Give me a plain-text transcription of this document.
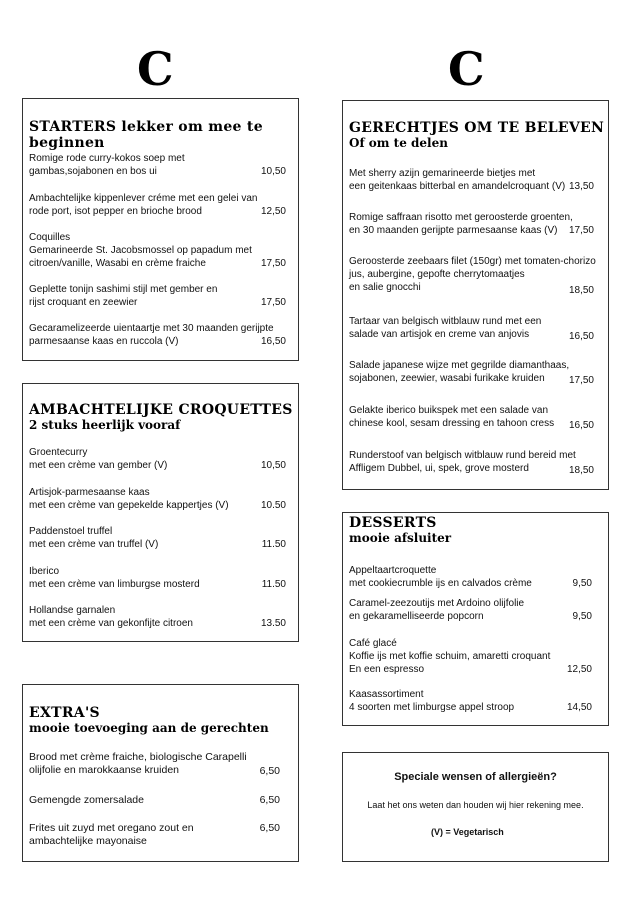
C	C
STARTERS lekker om mee te beginnen
Romige rode curry-kokos soep met
gambas,sojabonen en bos ui	10,50
Ambachtelijke kippenlever créme met een gelei van
rode port, isot pepper en brioche brood	12,50
Coquilles
Gemarineerde St. Jacobsmossel op papadum met
citroen/vanille, Wasabi en crème fraiche	17,50
Geplette tonijn sashimi stijl met gember en
rijst croquant en zeewier	17,50
Gecaramelizeerde uientaartje met 30 maanden gerijpte
parmesaanse kaas en ruccola (V)	16,50
AMBACHTELIJKE CROQUETTES
2 stuks heerlijk vooraf
Groentecurry
met een crème van gember (V)	10,50
Artisjok-parmesaanse kaas
met een crème van gepekelde kappertjes (V)	10.50
Paddenstoel truffel
met een crème van truffel (V)	11.50
Iberico
met een crème van limburgse mosterd	11.50
Hollandse garnalen
met een crème van gekonfijte citroen	13.50
EXTRA'S
mooie toevoeging aan de gerechten
Brood met crème fraiche, biologische Carapelli
olijfolie en marokkaanse kruiden	6,50
Gemengde zomersalade	6,50
Frites uit zuyd met oregano zout en
ambachtelijke mayonaise
6,50
GERECHTJES OM TE BELEVEN
Of om te delen
Met sherry azijn gemarineerde bietjes met
een geitenkaas bitterbal en amandelcroquant (V) 13,50
Romige saffraan risotto met geroosterde groenten,
en 30 maanden gerijpte parmesaanse kaas (V)	17,50
Geroosterde zeebaars filet (150gr) met tomaten-chorizo
jus, aubergine, gepofte cherrytomaatjes
en salie gnocchi	18,50
Tartaar van belgisch witblauw rund met een
salade van artisjok en creme van anjovis	16,50
Salade japanese wijze met gegrilde diamanthaas,
sojabonen, zeewier, wasabi furikake kruiden	17,50
Gelakte iberico buikspek met een salade van
chinese kool, sesam dressing en tahoon cress 16,50
Runderstoof van belgisch witblauw rund bereid met
Affligem Dubbel, ui, spek, grove mosterd	18,50
DESSERTS
mooie afsluiter
Appeltaartcroquette
met cookiecrumble ijs en calvados crème	9,50
Caramel-zeezoutijs met Ardoino olijfolie
en gekaramelliseerde popcorn	9,50
Café glacé
Koffie ijs met koffie schuim, amaretti croquant
En een espresso	12,50
Kaasassortiment
4 soorten met limburgse appel stroop	14,50
Speciale wensen of allergieën?
Laat het ons weten dan houden wij hier rekening mee.
(V) = Vegetarisch
